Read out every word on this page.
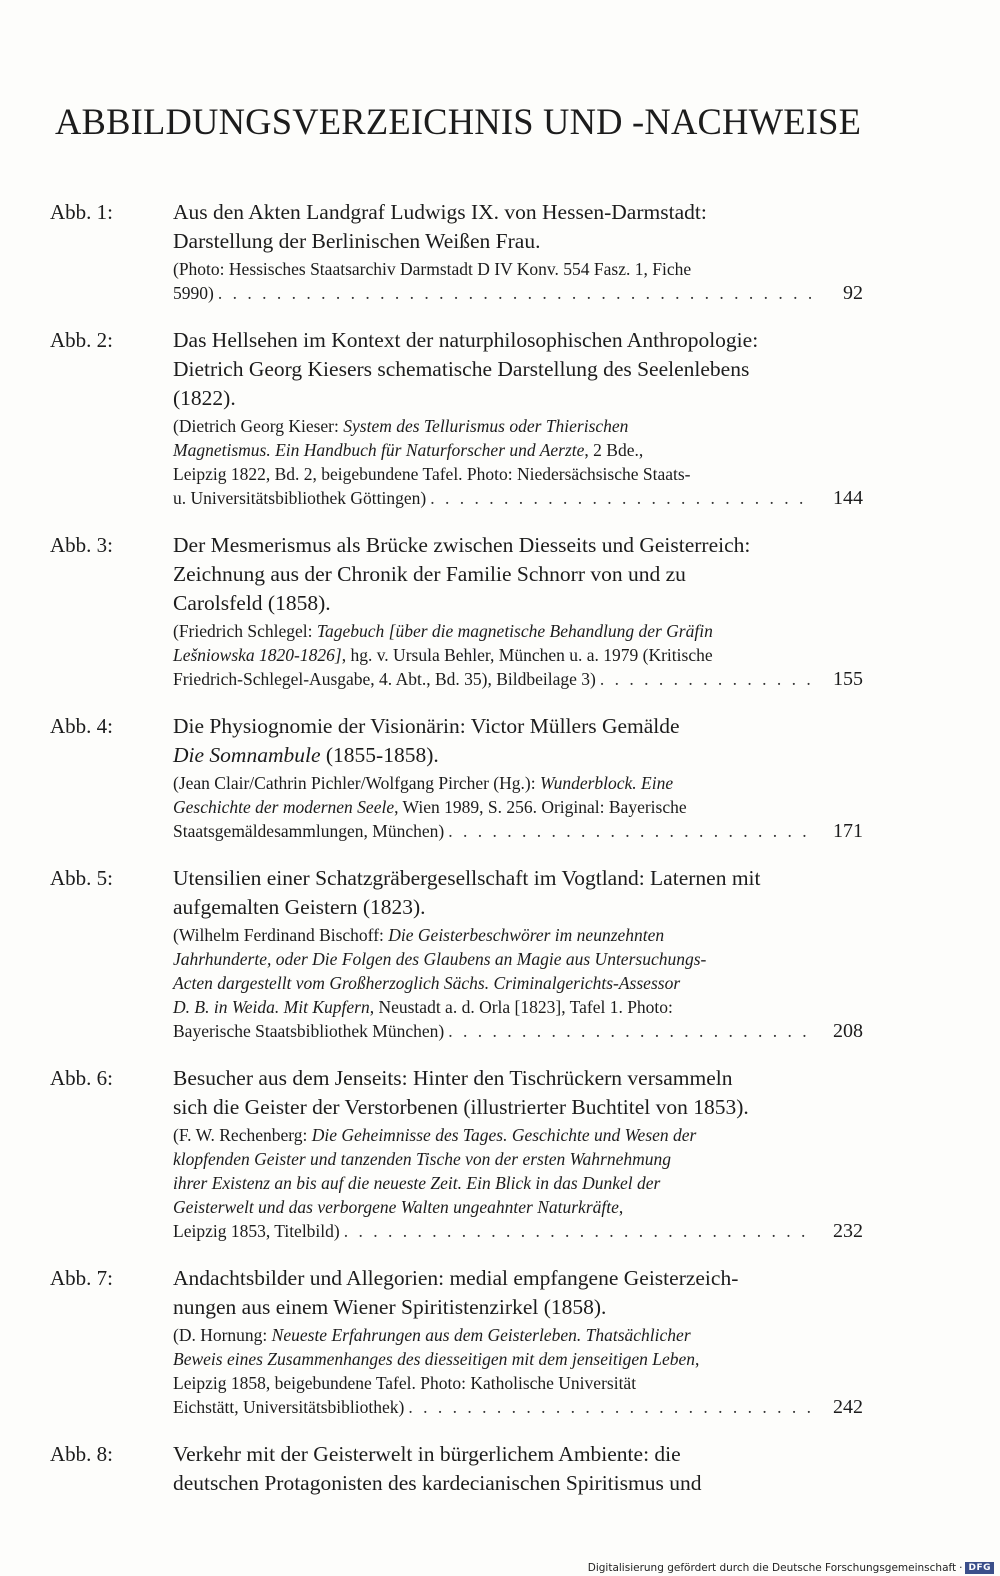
ABBILDUNGSVERZEICHNIS UND -NACHWEISE
Abb. 1:	Aus den Akten Landgraf Ludwigs IX. von Hessen-Darmstadt:
Darstellung der Berlinischen Weißen Frau.
(Photo: Hessisches Staatsarchiv Darmstadt D IV Konv. 554 Fasz. 1, Fiche
5990) . . .	92
Abb. 2:	Das Hellsehen im Kontext der naturphilosophischen Anthropologie:
Dietrich Georg Kiesers schematische Darstellung des Seelenlebens
(1822).
(Dietrich Georg Kieser: System des Tellurismus oder Thierischen
Magnetismus. Ein Handbuch für Naturforscher und Aerzte, 2 Bde.,
Leipzig 1822, Bd. 2, beigebundene Tafel. Photo: Niedersächsische Staats-
u. Universitätsbibliothek Göttingen) . . .	144
Abb. 3:	Der Mesmerismus als Brücke zwischen Diesseits und Geisterreich:
Zeichnung aus der Chronik der Familie Schnorr von und zu
Carolsfeld (1858).
(Friedrich Schlegel: Tagebuch [über die magnetische Behandlung der Gräfin
Lešniowska 1820-1826], hg. v. Ursula Behler, München u. a. 1979 (Kritische
Friedrich-Schlegel-Ausgabe, 4. Abt., Bd. 35), Bildbeilage 3) . . .	155
Abb. 4:	Die Physiognomie der Visionärin: Victor Müllers Gemälde
Die Somnambule (1855-1858).
(Jean Clair/Cathrin Pichler/Wolfgang Pircher (Hg.): Wunderblock. Eine
Geschichte der modernen Seele, Wien 1989, S. 256. Original: Bayerische
Staatsgemäldesammlungen, München) . . .	171
Abb. 5:	Utensilien einer Schatzgräbergesellschaft im Vogtland: Laternen mit
aufgemalten Geistern (1823).
(Wilhelm Ferdinand Bischoff: Die Geisterbeschwörer im neunzehnten
Jahrhunderte, oder Die Folgen des Glaubens an Magie aus Untersuchungs-
Acten dargestellt vom Großherzoglich Sächs. Criminalgerichts-Assessor
D. B. in Weida. Mit Kupfern, Neustadt a. d. Orla [1823], Tafel 1. Photo:
Bayerische Staatsbibliothek München) . . .	208
Abb. 6:	Besucher aus dem Jenseits: Hinter den Tischrückern versammeln
sich die Geister der Verstorbenen (illustrierter Buchtitel von 1853).
(F. W. Rechenberg: Die Geheimnisse des Tages. Geschichte und Wesen der
klopfenden Geister und tanzenden Tische von der ersten Wahrnehmung
ihrer Existenz an bis auf die neueste Zeit. Ein Blick in das Dunkel der
Geisterwelt und das verborgene Walten ungeahnter Naturkräfte,
Leipzig 1853, Titelbild) . . .	232
Abb. 7:	Andachtsbilder und Allegorien: medial empfangene Geisterzeich-
nungen aus einem Wiener Spiritistenzirkel (1858).
(D. Hornung: Neueste Erfahrungen aus dem Geisterleben. Thatsächlicher
Beweis eines Zusammenhanges des diesseitigen mit dem jenseitigen Leben,
Leipzig 1858, beigebundene Tafel. Photo: Katholische Universität
Eichstätt, Universitätsbibliothek) . . .	242
Abb. 8:	Verkehr mit der Geisterwelt in bürgerlichem Ambiente: die
deutschen Protagonisten des kardecianischen Spiritismus und
Digitalisierung gefördert durch die Deutsche Forschungsgemeinschaft · DFG
